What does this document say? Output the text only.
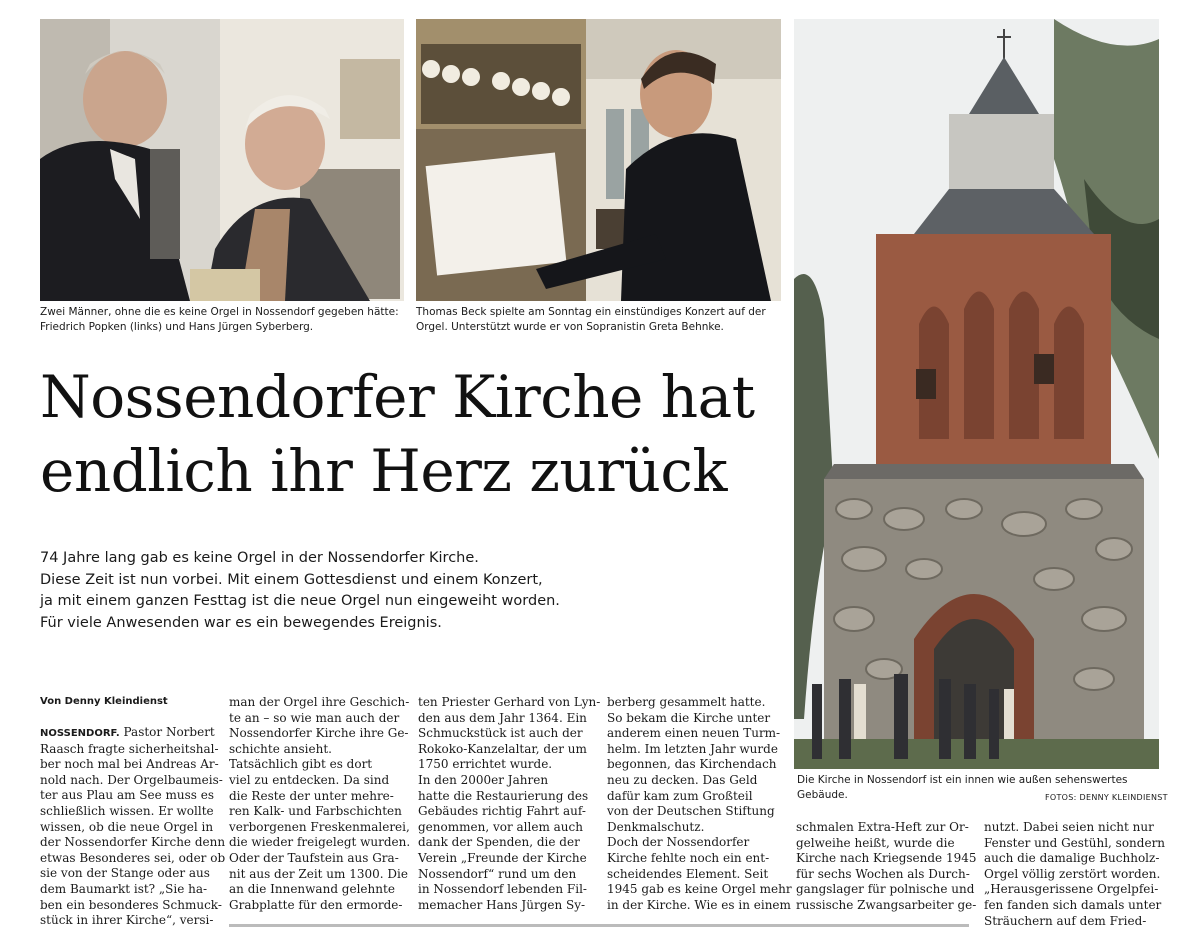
Zwei Männer, ohne die es keine Orgel in Nossendorf gegeben hätte:
Friedrich Popken (links) und Hans Jürgen Syberberg.
Thomas Beck spielte am Sonntag ein einstündiges Konzert auf der
Orgel. Unterstützt wurde er von Sopranistin Greta Behnke.
Die Kirche in Nossendorf ist ein innen wie außen sehenswertes
Gebäude.	FOTOS: DENNY KLEINDIENST
Nossendorfer Kirche hat
endlich ihr Herz zurück
74 Jahre lang gab es keine Orgel in der Nossendorfer Kirche.
Diese Zeit ist nun vorbei. Mit einem Gottesdienst und einem Konzert,
ja mit einem ganzen Festtag ist die neue Orgel nun eingeweiht worden.
Für viele Anwesenden war es ein bewegendes Ereignis.
Von Denny Kleindienst
NOSSENDORF. Pastor Norbert
Raasch fragte sicherheitshal-
ber noch mal bei Andreas Ar-
nold nach. Der Orgelbaumeis-
ter aus Plau am See muss es
schließlich wissen. Er wollte
wissen, ob die neue Orgel in
der Nossendorfer Kirche denn
etwas Besonderes sei, oder ob
sie von der Stange oder aus
dem Baumarkt ist? „Sie ha-
ben ein besonderes Schmuck-
stück in ihrer Kirche“, versi-
man der Orgel ihre Geschich-
te an – so wie man auch der
Nossendorfer Kirche ihre Ge-
schichte ansieht.
Tatsächlich gibt es dort
viel zu entdecken. Da sind
die Reste der unter mehre-
ren Kalk- und Farbschichten
verborgenen Freskenmalerei,
die wieder freigelegt wurden.
Oder der Taufstein aus Gra-
nit aus der Zeit um 1300. Die
an die Innenwand gelehnte
Grabplatte für den ermorde-
ten Priester Gerhard von Lyn-
den aus dem Jahr 1364. Ein
Schmuckstück ist auch der
Rokoko-Kanzelaltar, der um
1750 errichtet wurde.
In den 2000er Jahren
hatte die Restaurierung des
Gebäudes richtig Fahrt auf-
genommen, vor allem auch
dank der Spenden, die der
Verein „Freunde der Kirche
Nossendorf“ rund um den
in Nossendorf lebenden Fil-
memacher Hans Jürgen Sy-
berberg gesammelt hatte.
So bekam die Kirche unter
anderem einen neuen Turm-
helm. Im letzten Jahr wurde
begonnen, das Kirchendach
neu zu decken. Das Geld
dafür kam zum Großteil
von der Deutschen Stiftung
Denkmalschutz.
Doch der Nossendorfer
Kirche fehlte noch ein ent-
scheidendes Element. Seit
1945 gab es keine Orgel mehr
in der Kirche. Wie es in einem
schmalen Extra-Heft zur Or-
gelweihe heißt, wurde die
Kirche nach Kriegsende 1945
für sechs Wochen als Durch-
gangslager für polnische und
russische Zwangsarbeiter ge-
nutzt. Dabei seien nicht nur
Fenster und Gestühl, sondern
auch die damalige Buchholz-
Orgel völlig zerstört worden.
„Herausgerissene Orgelpfei-
fen fanden sich damals unter
Sträuchern auf dem Fried-
